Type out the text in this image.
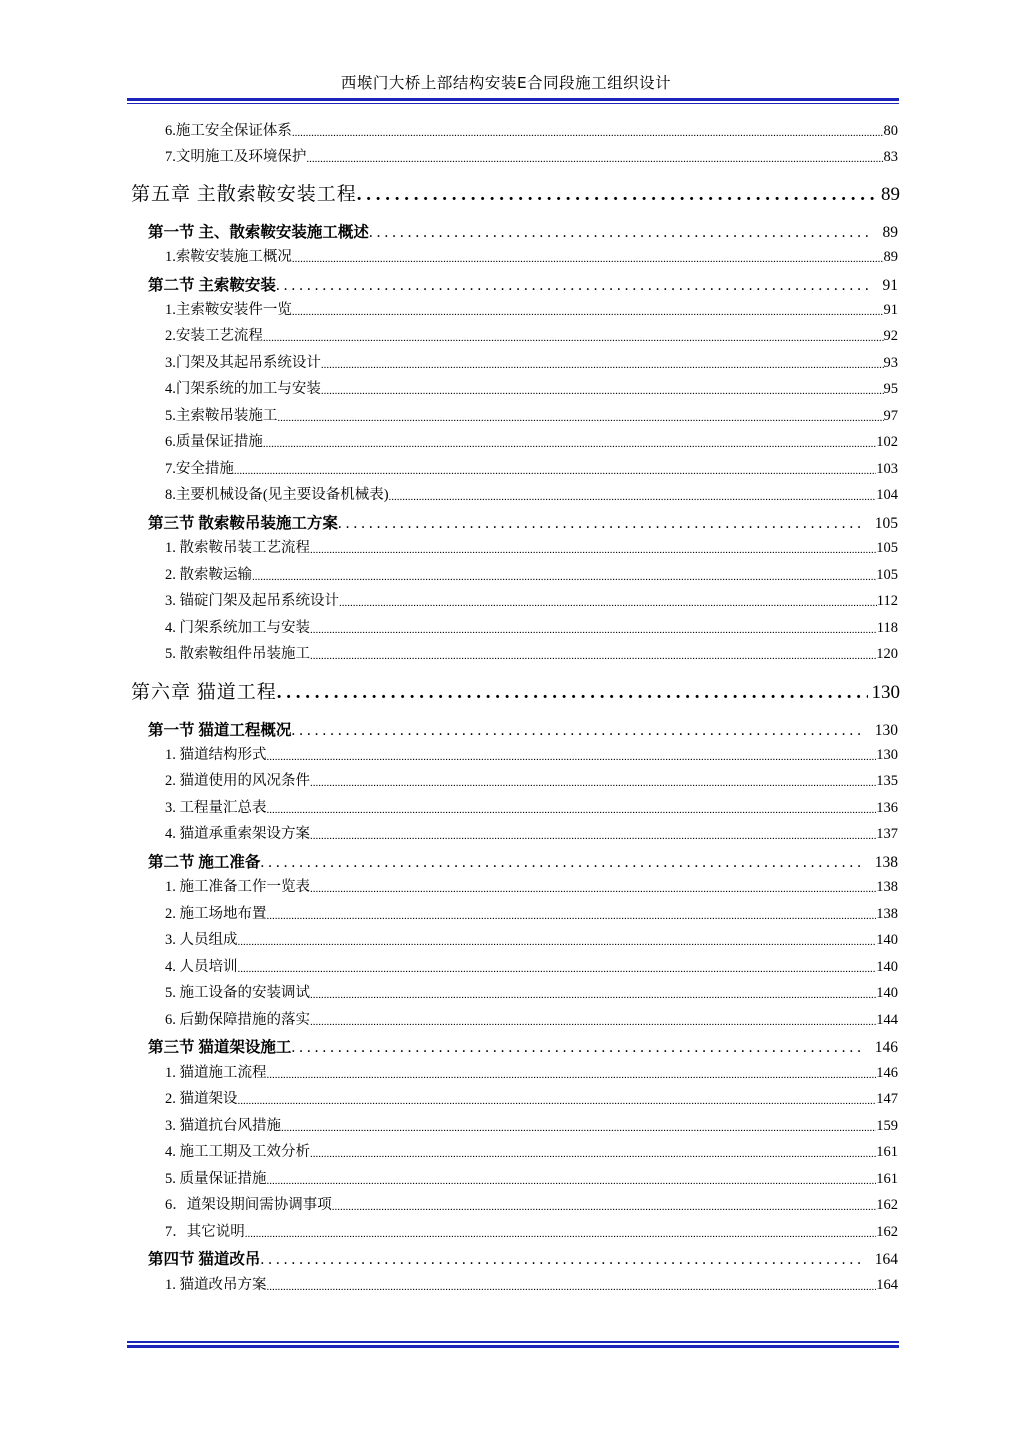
西堠门大桥上部结构安装E合同段施工组织设计
6.施工安全保证体系 .....	80
7.文明施工及环境保护 .....	83
第五章 主散索鞍安装工程 . . .	89
第一节 主、散索鞍安装施工概述 . . .	89
1.索鞍安装施工概况 .....	89
第二节 主索鞍安装 . . .	91
1.主索鞍安装件一览 .....	91
2.安装工艺流程 .....	92
3.门架及其起吊系统设计 .....	93
4.门架系统的加工与安装 .....	95
5.主索鞍吊装施工 .....	97
6.质量保证措施 .....	102
7.安全措施 .....	103
8.主要机械设备(见主要设备机械表) .....	104
第三节 散索鞍吊装施工方案 . . .	105
1. 散索鞍吊装工艺流程 .....	105
2. 散索鞍运输 .....	105
3. 锚碇门架及起吊系统设计 .....	112
4. 门架系统加工与安装 .....	118
5. 散索鞍组件吊装施工 .....	120
第六章 猫道工程 . . .	130
第一节 猫道工程概况 . . .	130
1. 猫道结构形式 .....	130
2. 猫道使用的风况条件 .....	135
3. 工程量汇总表 .....	136
4. 猫道承重索架设方案 .....	137
第二节 施工准备 . . .	138
1. 施工准备工作一览表 .....	138
2. 施工场地布置 .....	138
3. 人员组成 .....	140
4. 人员培训 .....	140
5. 施工设备的安装调试 .....	140
6. 后勤保障措施的落实 .....	144
第三节 猫道架设施工 . . .	146
1. 猫道施工流程 .....	146
2. 猫道架设 .....	147
3. 猫道抗台风措施 .....	159
4. 施工工期及工效分析 .....	161
5. 质量保证措施 .....	161
6．道架设期间需协调事项 .....	162
7．其它说明 .....	162
第四节 猫道改吊 . . .	164
1. 猫道改吊方案 .....	164
